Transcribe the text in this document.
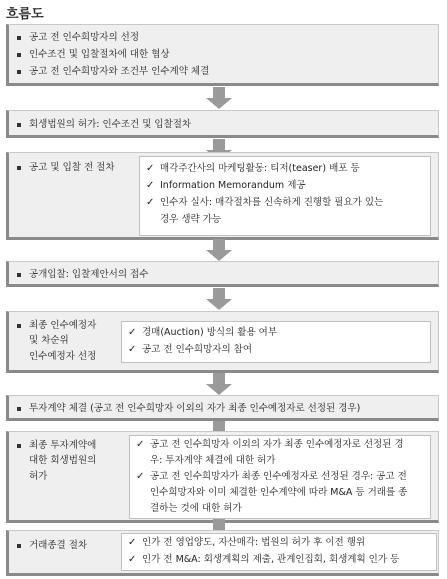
흐름도
공고 전 인수희망자의 선정
인수조건 및 입찰절차에 대한 협상
공고 전 인수희망자와 조건부 인수계약 체결
회생법원의 허가: 인수조건 및 입찰절차
공고 및 입찰 전 절차	✓ 매각주간사의 마케팅활동: 티저(teaser) 배포 등
✓ Information Memorandum 제공
✓ 인수자 실사: 매각절차를 신속하게 진행할 필요가 있는
경우 생략 가능
공개입찰: 입찰제안서의 접수
최종 인수예정자
및 차순위
인수예정자 선정
✓ 경매(Auction) 방식의 활용 여부
✓ 공고 전 인수희망자의 참여
투자계약 체결 (공고 전 인수희망자 이외의 자가 최종 인수예정자로 선정된 경우)
최종 투자계약에
대한 회생법원의
허가
✓ 공고 전 인수희망자 이외의 자가 최종 인수예정자로 선정된 경
우: 투자계약 체결에 대한 허가
✓ 공고 전 인수희망자가 최종 인수예정자로 선정된 경우: 공고 전
인수희망자와 이미 체결한 인수계약에 따라 M&A 등 거래를 종
결하는 것에 대한 허가
거래종결 절차	✓ 인가 전 영업양도, 자산매각: 법원의 허가 후 이전 행위
✓ 인가 전 M&A: 회생계획의 제출, 관계인집회, 회생계획 인가 등
